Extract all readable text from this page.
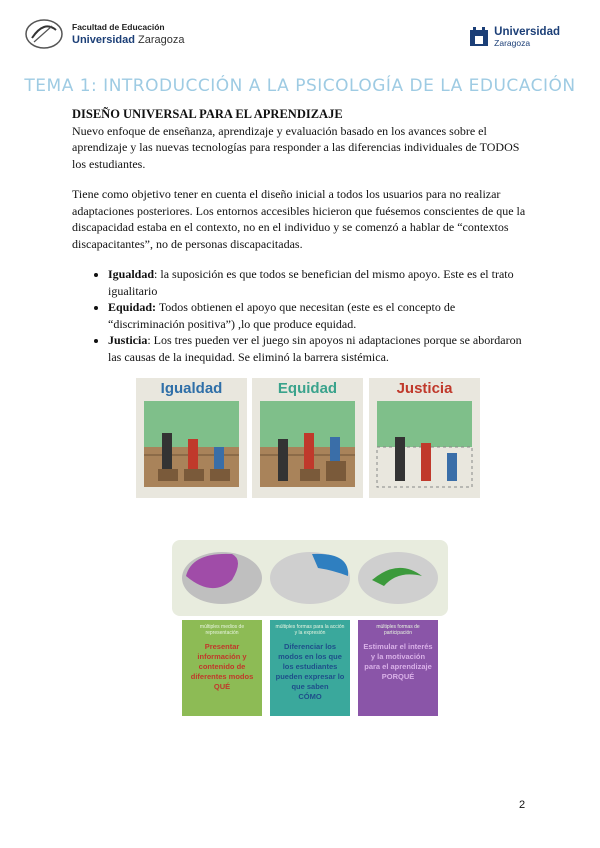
Facultad de Educación
Universidad Zaragoza
Universidad
Zaragoza
TEMA 1: INTRODUCCIÓN A LA PSICOLOGÍA DE LA EDUCACIÓN
DISEÑO UNIVERSAL PARA EL APRENDIZAJE

Nuevo enfoque de enseñanza, aprendizaje y evaluación basado en los avances sobre el aprendizaje y las nuevas tecnologías para responder a las diferencias individuales de TODOS los estudiantes.

Tiene como objetivo tener en cuenta el diseño inicial a todos los usuarios para no realizar adaptaciones posteriores. Los entornos accesibles hicieron que fuésemos conscientes de que la discapacidad estaba en el contexto, no en el individuo y se comenzó a hablar de “contextos discapacitantes”, no de personas discapacitadas.

• Igualdad: la suposición es que todos se benefician del mismo apoyo. Este es el trato igualitario
• Equidad: Todos obtienen el apoyo que necesitan (este es el concepto de “discriminación positiva”) ,lo que produce equidad.
• Justicia: Los tres pueden ver el juego sin apoyos ni adaptaciones porque se abordaron las causas de la inequidad. Se eliminó la barrera sistémica.
Igualdad	Equidad	Justicia
múltiples medios de representación
Presentar información y contenido de diferentes modos
QUÉ
múltiples formas para la acción y la expresión
Diferenciar los modos en los que los estudiantes pueden expresar lo que saben
CÓMO
múltiples formas de participación
Estimular el interés y la motivación para el aprendizaje
PORQUÉ
2
